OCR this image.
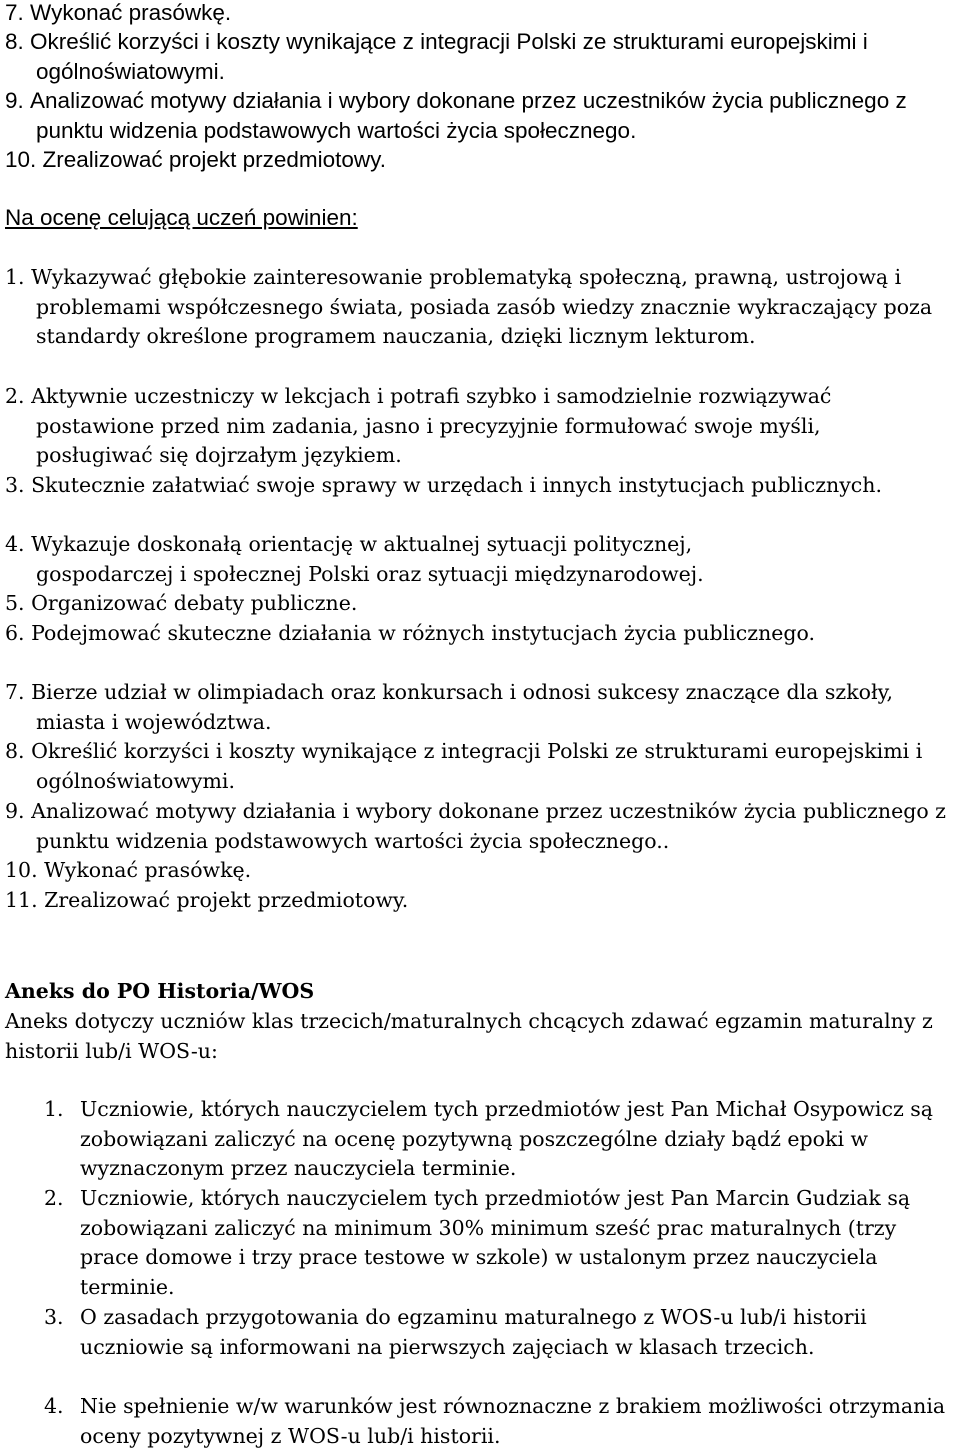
7. Wykonać prasówkę.
8. Określić korzyści i koszty wynikające z integracji Polski ze strukturami europejskimi i ogólnoświatowymi.
9. Analizować motywy działania i wybory dokonane przez uczestników życia publicznego z punktu widzenia podstawowych wartości życia społecznego.
10. Zrealizować projekt przedmiotowy.
Na ocenę celującą uczeń powinien:
1. Wykazywać głębokie zainteresowanie problematyką społeczną, prawną, ustrojową i problemami współczesnego świata, posiada zasób wiedzy znacznie wykraczający poza standardy określone programem nauczania, dzięki licznym lekturom.
2. Aktywnie uczestniczy w lekcjach i potrafi szybko i samodzielnie rozwiązywać postawione przed nim zadania, jasno i precyzyjnie formułować swoje myśli, posługiwać się dojrzałym językiem.
3. Skutecznie załatwiać swoje sprawy w urzędach i innych instytucjach publicznych.
4. Wykazuje doskonałą orientację w aktualnej sytuacji politycznej, gospodarczej i społecznej Polski oraz sytuacji międzynarodowej.
5. Organizować debaty publiczne.
6. Podejmować skuteczne działania w różnych instytucjach życia publicznego.
7. Bierze udział w olimpiadach oraz konkursach i odnosi sukcesy znaczące dla szkoły, miasta i województwa.
8. Określić korzyści i koszty wynikające z integracji Polski ze strukturami europejskimi i ogólnoświatowymi.
9. Analizować motywy działania i wybory dokonane przez uczestników życia publicznego z punktu widzenia podstawowych wartości życia społecznego..
10. Wykonać prasówkę.
11. Zrealizować projekt przedmiotowy.
Aneks do PO Historia/WOS
Aneks dotyczy uczniów klas trzecich/maturalnych chcących zdawać egzamin maturalny z historii lub/i WOS-u:
1. Uczniowie, których nauczycielem tych przedmiotów jest Pan Michał Osypowicz są zobowiązani zaliczyć na ocenę pozytywną poszczególne działy bądź epoki w wyznaczonym przez nauczyciela terminie.
2. Uczniowie, których nauczycielem tych przedmiotów jest Pan Marcin Gudziak są zobowiązani zaliczyć na minimum 30% minimum sześć prac maturalnych (trzy prace domowe i trzy prace testowe w szkole) w ustalonym przez nauczyciela terminie.
3. O zasadach przygotowania do egzaminu maturalnego z WOS-u lub/i historii uczniowie są informowani na pierwszych zajęciach w klasach trzecich.
4. Nie spełnienie w/w warunków jest równoznaczne z brakiem możliwości otrzymania oceny pozytywnej z WOS-u lub/i historii.
